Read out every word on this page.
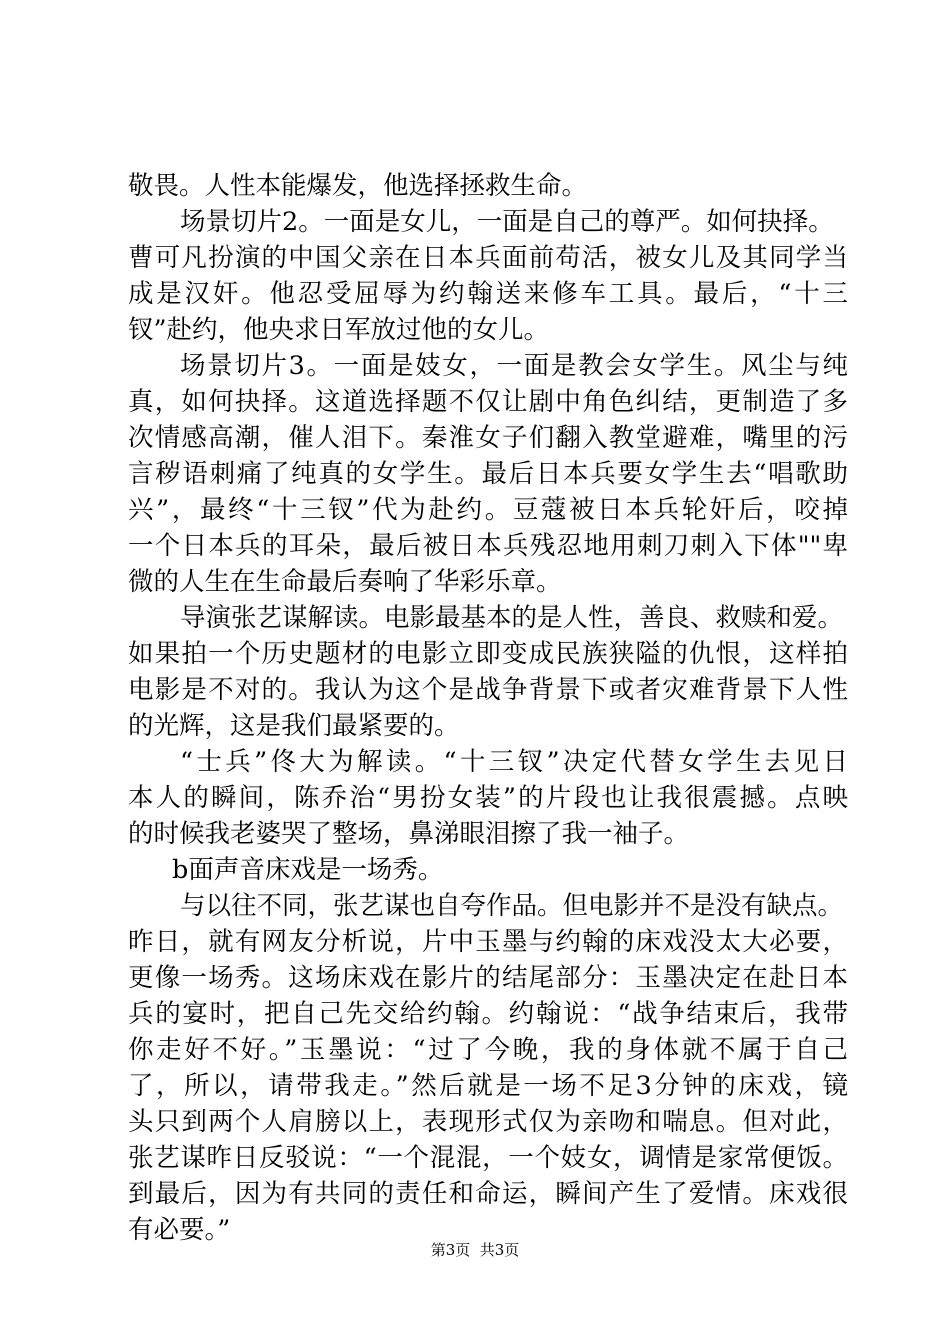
敬畏。人性本能爆发，他选择拯救生命。
场景切片2。一面是女儿，一面是自己的尊严。如何抉择。
曹可凡扮演的中国父亲在日本兵面前苟活，被女儿及其同学当
成是汉奸。他忍受屈辱为约翰送来修车工具。最后，“十三
钗”赴约，他央求日军放过他的女儿。
场景切片3。一面是妓女，一面是教会女学生。风尘与纯
真，如何抉择。这道选择题不仅让剧中角色纠结，更制造了多
次情感高潮，催人泪下。秦淮女子们翻入教堂避难，嘴里的污
言秽语刺痛了纯真的女学生。最后日本兵要女学生去“唱歌助
兴”，最终“十三钗”代为赴约。豆蔻被日本兵轮奸后，咬掉
一个日本兵的耳朵，最后被日本兵残忍地用刺刀刺入下体""卑
微的人生在生命最后奏响了华彩乐章。
导演张艺谋解读。电影最基本的是人性，善良、救赎和爱。
如果拍一个历史题材的电影立即变成民族狭隘的仇恨，这样拍
电影是不对的。我认为这个是战争背景下或者灾难背景下人性
的光辉，这是我们最紧要的。
“士兵”佟大为解读。“十三钗”决定代替女学生去见日
本人的瞬间，陈乔治“男扮女装”的片段也让我很震撼。点映
的时候我老婆哭了整场，鼻涕眼泪擦了我一袖子。
b面声音床戏是一场秀。
与以往不同，张艺谋也自夸作品。但电影并不是没有缺点。
昨日，就有网友分析说，片中玉墨与约翰的床戏没太大必要，
更像一场秀。这场床戏在影片的结尾部分：玉墨决定在赴日本
兵的宴时，把自己先交给约翰。约翰说：“战争结束后，我带
你走好不好。”玉墨说：“过了今晚，我的身体就不属于自己
了，所以，请带我走。”然后就是一场不足3分钟的床戏，镜
头只到两个人肩膀以上，表现形式仅为亲吻和喘息。但对此，
张艺谋昨日反驳说：“一个混混，一个妓女，调情是家常便饭。
到最后，因为有共同的责任和命运，瞬间产生了爱情。床戏很
有必要。”
第3页  共3页
